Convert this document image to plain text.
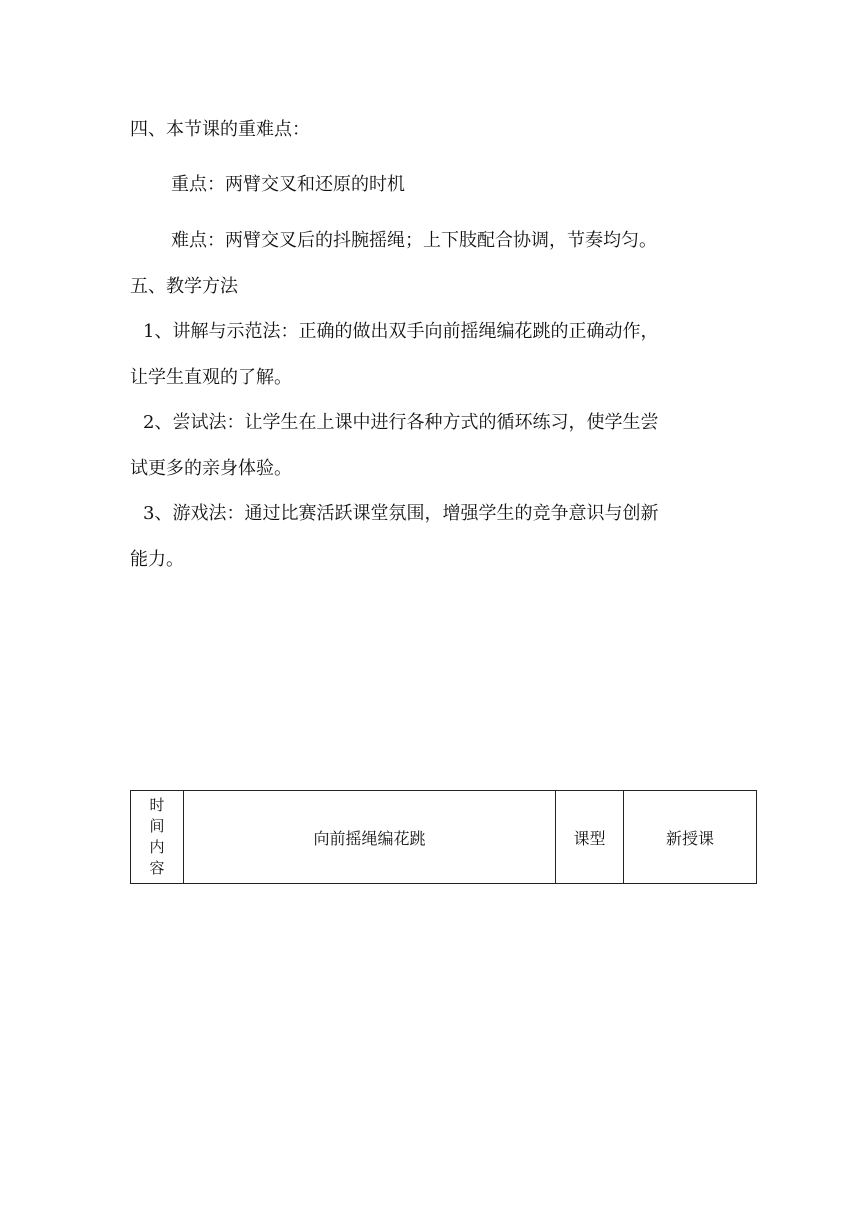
四、本节课的重难点：
重点：两臂交叉和还原的时机
难点：两臂交叉后的抖腕摇绳；上下肢配合协调，节奏均匀。
五、教学方法
1、讲解与示范法：正确的做出双手向前摇绳编花跳的正确动作，
让学生直观的了解。
2、尝试法：让学生在上课中进行各种方式的循环练习，使学生尝
试更多的亲身体验。
3、游戏法：通过比赛活跃课堂氛围，增强学生的竞争意识与创新
能力。
时
间
内
容
	向前摇绳编花跳	课型	新授课
